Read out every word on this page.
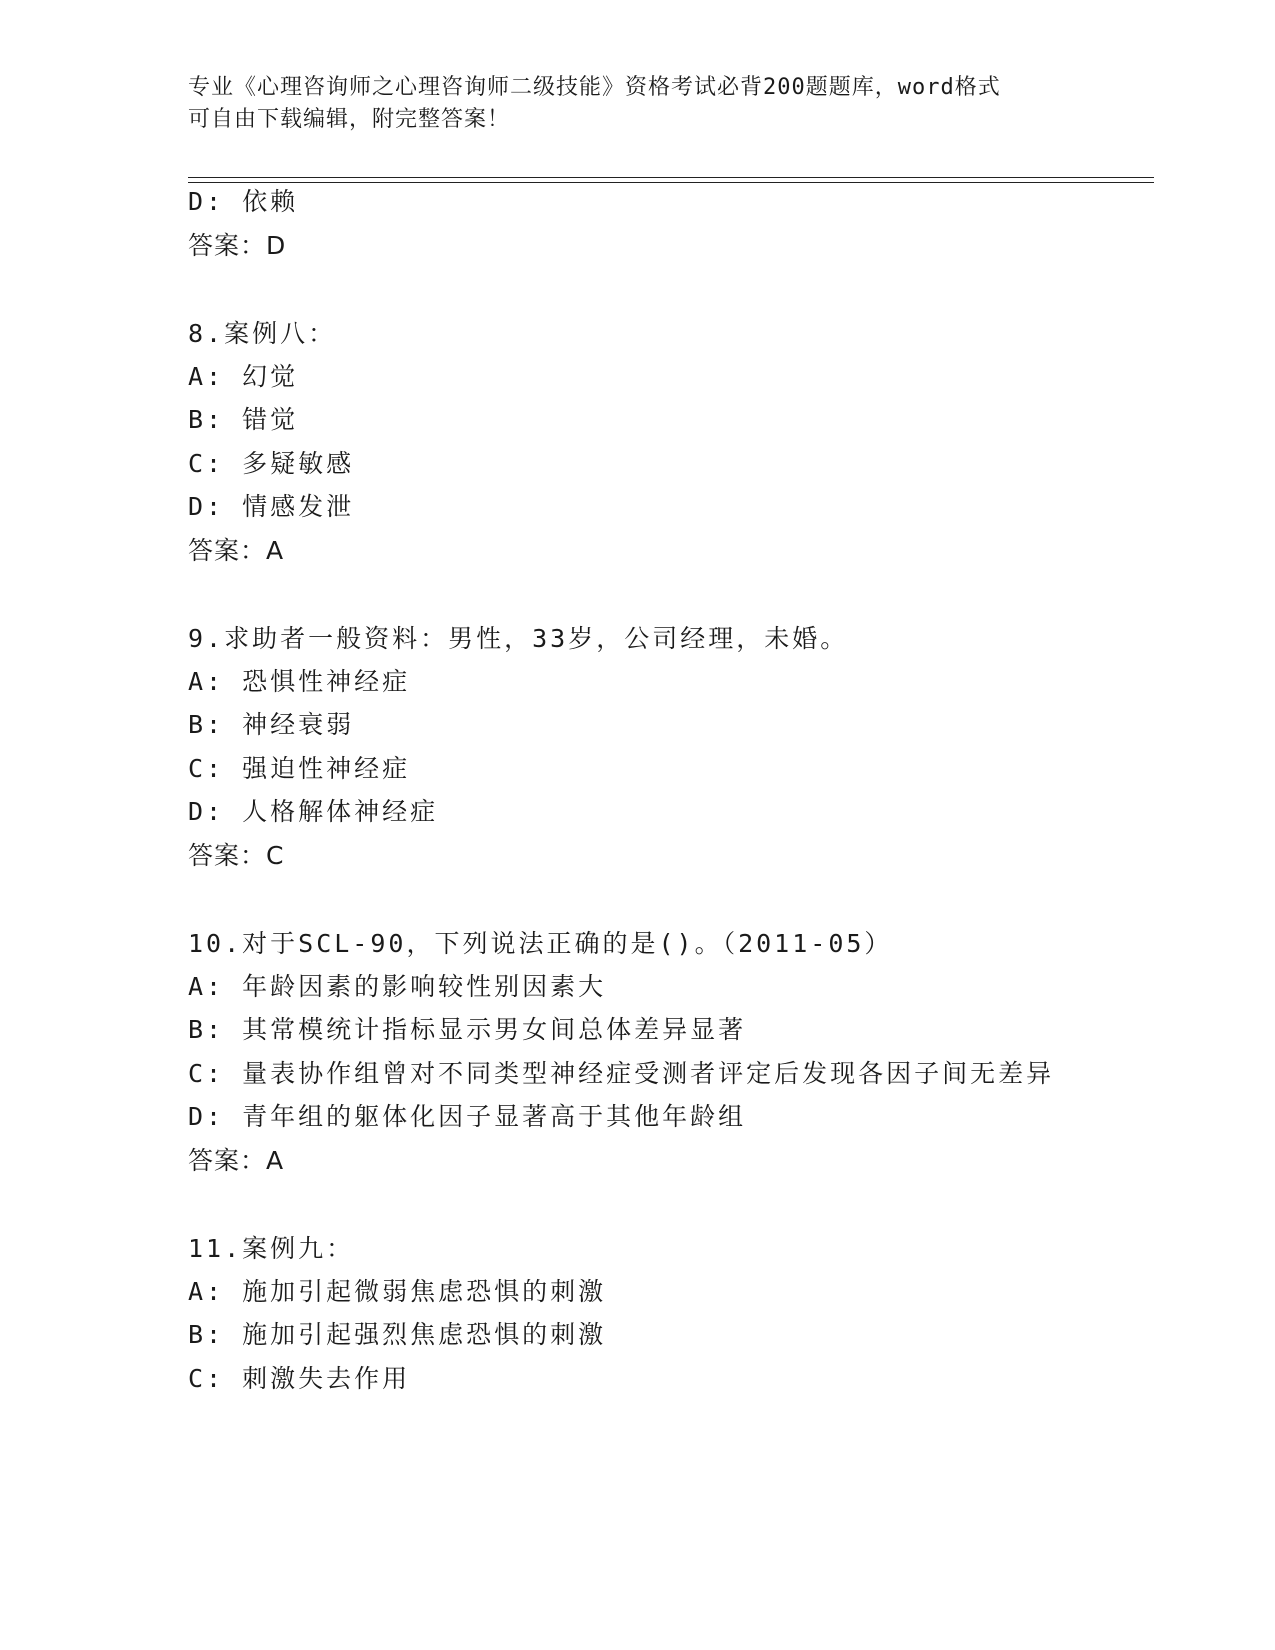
专业《心理咨询师之心理咨询师二级技能》资格考试必背200题题库，word格式
可自由下载编辑，附完整答案！
D: 依赖
答案：D
8.案例八：
A: 幻觉
B: 错觉
C: 多疑敏感
D: 情感发泄
答案：A
9.求助者一般资料：男性，33岁，公司经理，未婚。
A: 恐惧性神经症
B: 神经衰弱
C: 强迫性神经症
D: 人格解体神经症
答案：C
10.对于SCL-90，下列说法正确的是()。（2011-05）
A: 年龄因素的影响较性别因素大
B: 其常模统计指标显示男女间总体差异显著
C: 量表协作组曾对不同类型神经症受测者评定后发现各因子间无差异
D: 青年组的躯体化因子显著高于其他年龄组
答案：A
11.案例九：
A: 施加引起微弱焦虑恐惧的刺激
B: 施加引起强烈焦虑恐惧的刺激
C: 刺激失去作用
